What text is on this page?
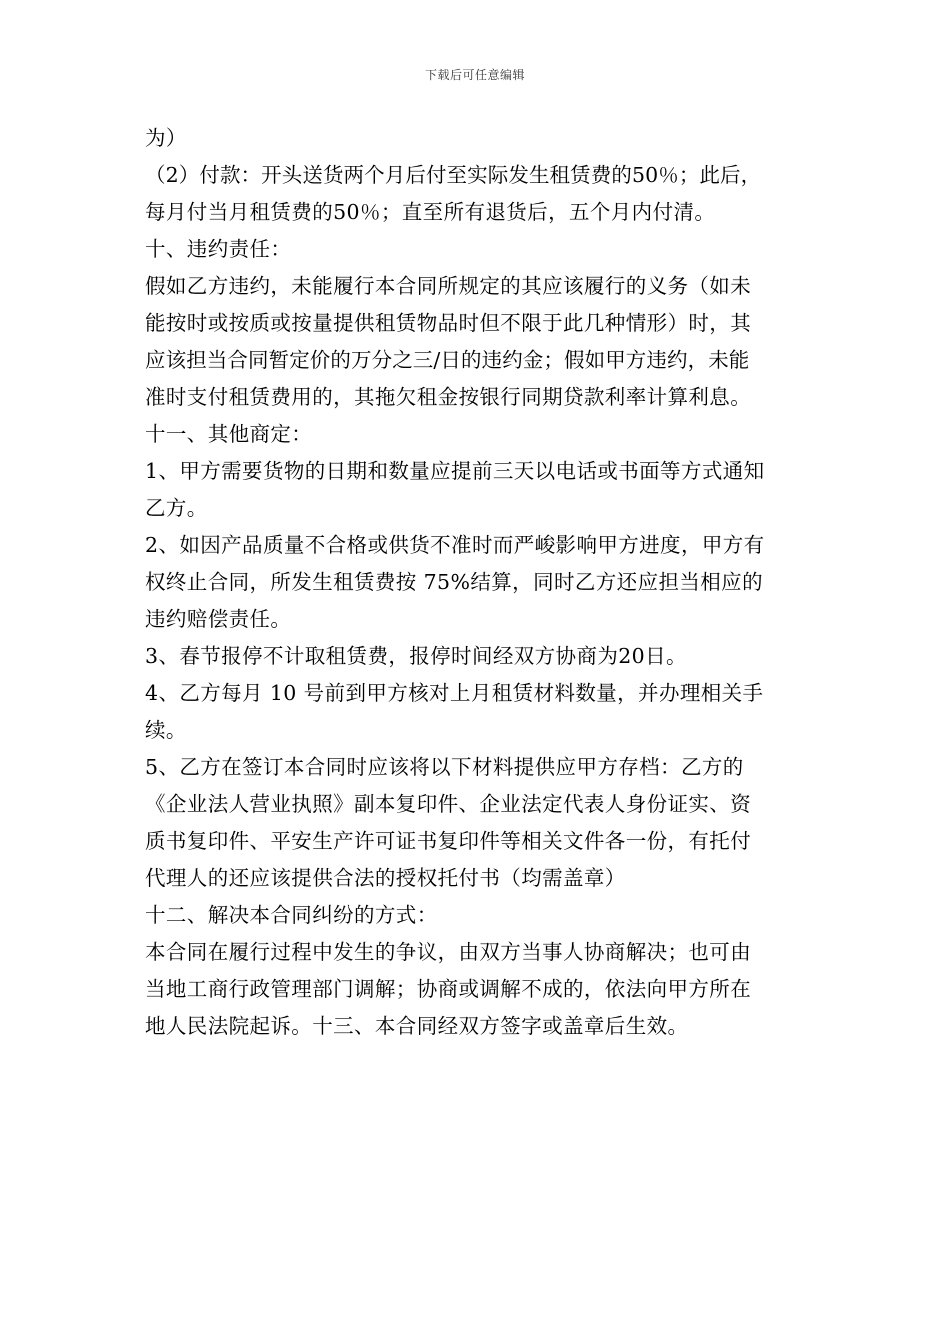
下载后可任意编辑
为）
（2）付款：开头送货两个月后付至实际发生租赁费的50％；此后，
每月付当月租赁费的50％；直至所有退货后，五个月内付清。
十、违约责任：
假如乙方违约，未能履行本合同所规定的其应该履行的义务（如未
能按时或按质或按量提供租赁物品时但不限于此几种情形）时，其
应该担当合同暂定价的万分之三/日的违约金；假如甲方违约，未能
准时支付租赁费用的，其拖欠租金按银行同期贷款利率计算利息。
十一、其他商定：
1、甲方需要货物的日期和数量应提前三天以电话或书面等方式通知
乙方。
2、如因产品质量不合格或供货不准时而严峻影响甲方进度，甲方有
权终止合同，所发生租赁费按 75%结算，同时乙方还应担当相应的
违约赔偿责任。
3、春节报停不计取租赁费，报停时间经双方协商为20日。
4、乙方每月 10 号前到甲方核对上月租赁材料数量，并办理相关手
续。
5、乙方在签订本合同时应该将以下材料提供应甲方存档：乙方的
《企业法人营业执照》副本复印件、企业法定代表人身份证实、资
质书复印件、平安生产许可证书复印件等相关文件各一份，有托付
代理人的还应该提供合法的授权托付书（均需盖章）
十二、解决本合同纠纷的方式：
本合同在履行过程中发生的争议，由双方当事人协商解决；也可由
当地工商行政管理部门调解；协商或调解不成的，依法向甲方所在
地人民法院起诉。十三、本合同经双方签字或盖章后生效。
